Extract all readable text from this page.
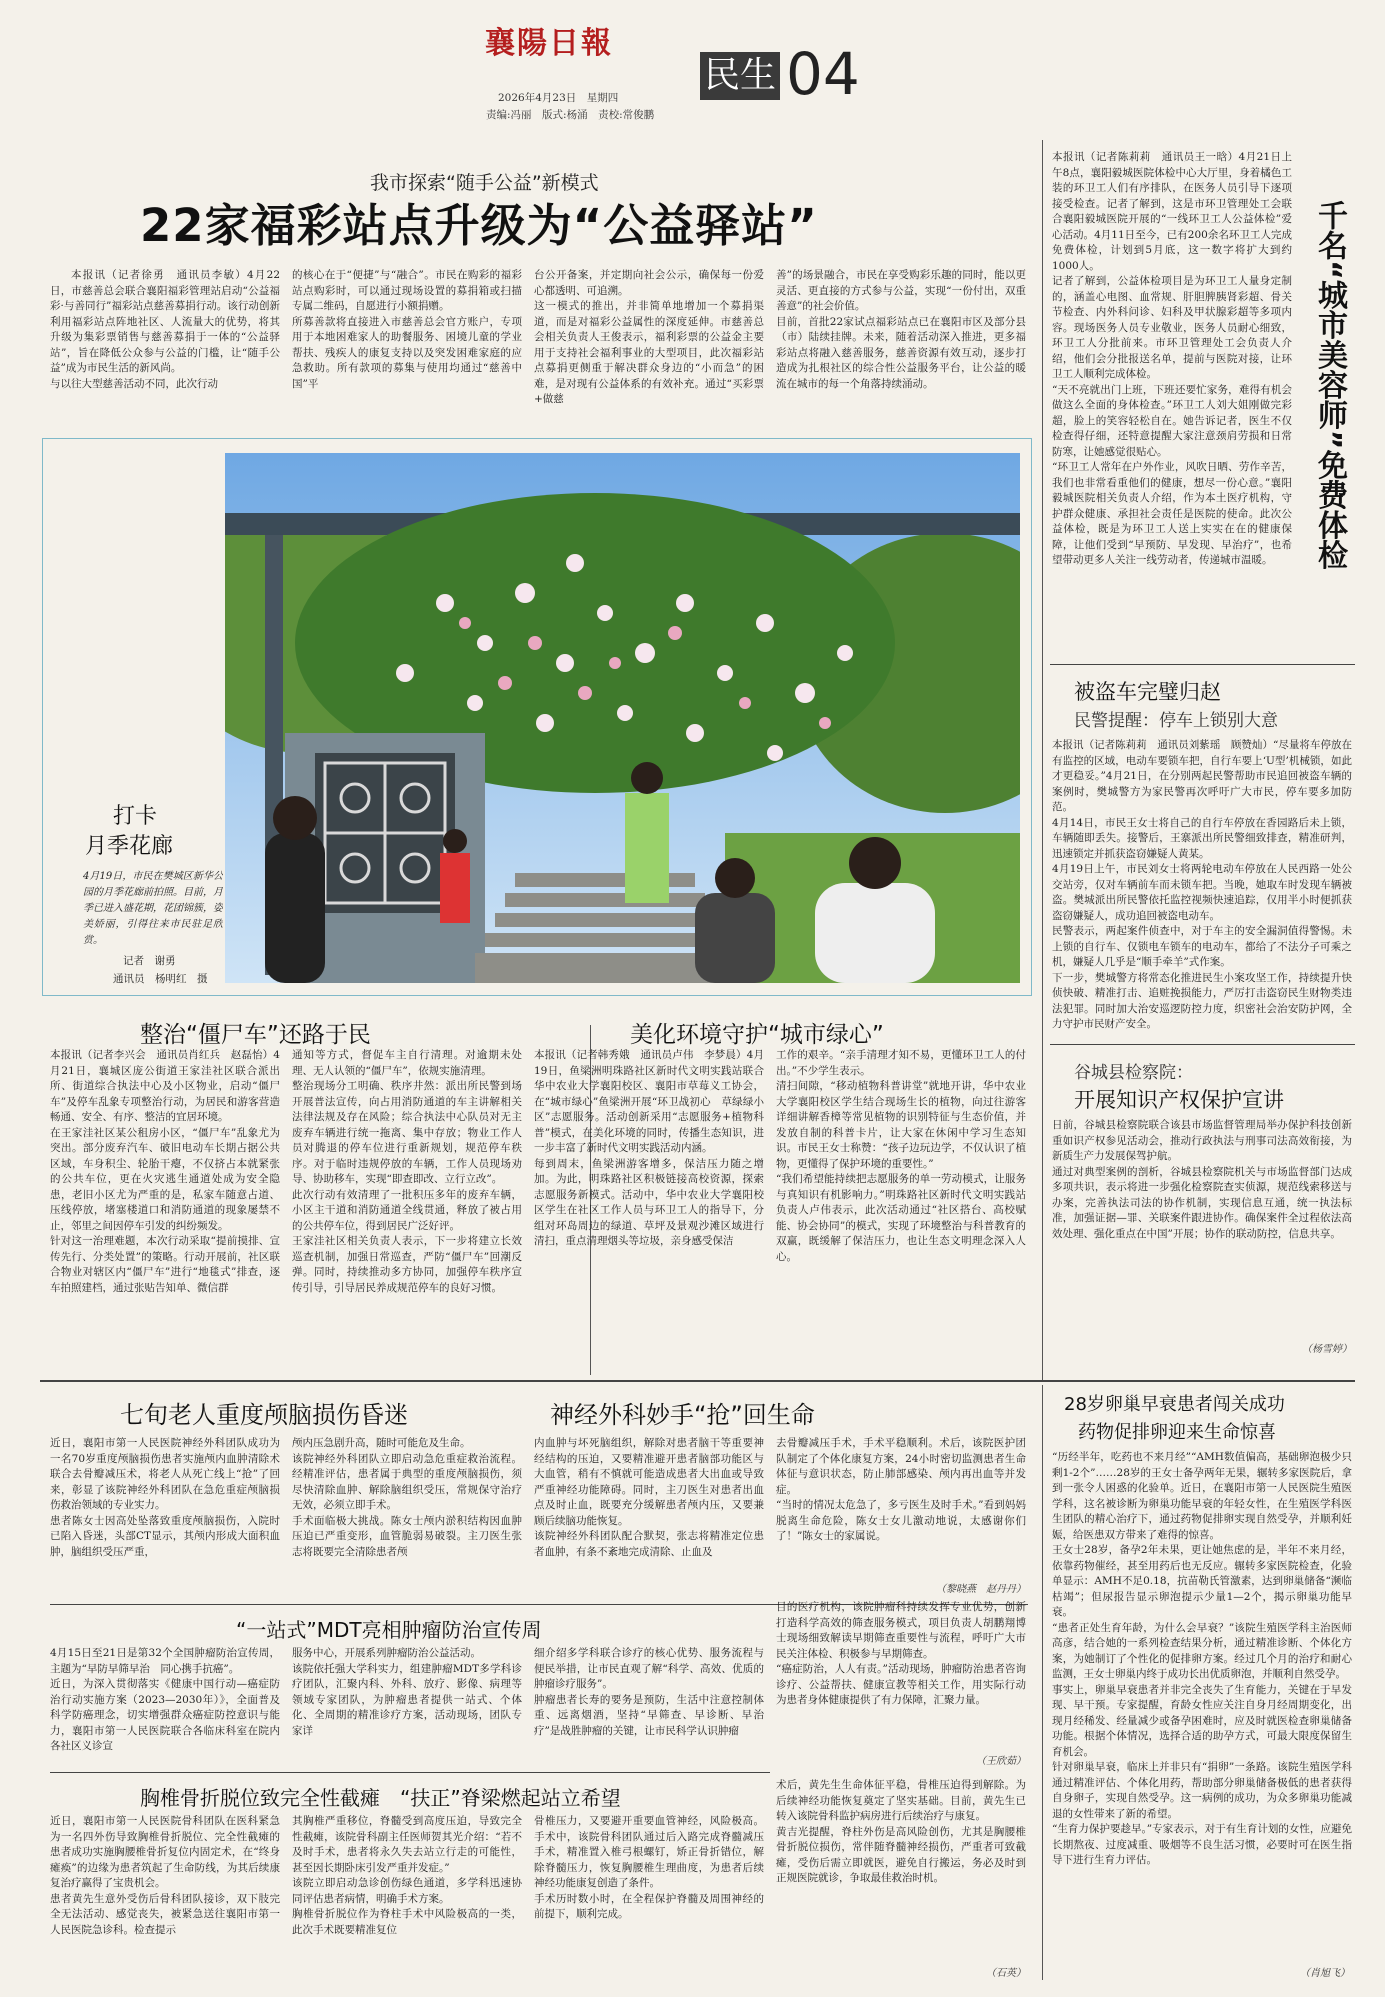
襄陽日報
民生 04
2026年4月23日　星期四
责编:冯丽　版式:杨涌　责校:常俊鹏
我市探索“随手公益”新模式
22家福彩站点升级为“公益驿站”
本报讯（记者徐勇　通讯员李敏）4月22日，市慈善总会联合襄阳福彩管理站启动“公益福彩·与善同行”福彩站点慈善募捐行动。该行动创新利用福彩站点阵地社区、人流量大的优势，将其升级为集彩票销售与慈善募捐于一体的“公益驿站”，旨在降低公众参与公益的门槛，让“随手公益”成为市民生活的新风尚。
与以往大型慈善活动不同，此次行动
的核心在于“便捷”与“融合”。市民在购彩的福彩站点购彩时，可以通过现场设置的募捐箱或扫描专属二维码，自愿进行小额捐赠。
所募善款将直接进入市慈善总会官方账户，专项用于本地困难家人的助餐服务、困境儿童的学业帮扶、残疾人的康复支持以及突发困难家庭的应急救助。所有款项的募集与使用均通过“慈善中国”平
台公开备案，并定期向社会公示，确保每一份爱心都透明、可追溯。
这一模式的推出，并非简单地增加一个募捐渠道，而是对福彩公益属性的深度延伸。市慈善总会相关负责人王俊表示，福利彩票的公益金主要用于支持社会福利事业的大型项目，此次福彩站点募捐更侧重于解决群众身边的“小而急”的困难，是对现有公益体系的有效补充。通过“买彩票+做慈
善”的场景融合，市民在享受购彩乐趣的同时，能以更灵活、更直接的方式参与公益，实现“一份付出，双重善意”的社会价值。
目前，首批22家试点福彩站点已在襄阳市区及部分县（市）陆续挂牌。未来，随着活动深入推进，更多福彩站点将融入慈善服务，慈善资源有效互动，逐步打造成为扎根社区的综合性公益服务平台，让公益的暖流在城市的每一个角落持续涌动。
打卡
月季花廊
4月19日，市民在樊城区新华公园的月季花廊前拍照。目前，月季已进入盛花期，花团锦簇，姿美娇丽，引得往来市民驻足欣赏。
记者　谢勇
通讯员　杨明红　摄
整治“僵尸车”还路于民
本报讯（记者李兴会　通讯员肖红兵　赵磊怡）4月21日，襄城区庞公街道王家洼社区联合派出所、街道综合执法中心及小区物业，启动“僵尸车”及停车乱象专项整治行动，为居民和游客营造畅通、安全、有序、整洁的宜居环境。
在王家洼社区某公租房小区，“僵尸车”乱象尤为突出。部分废弃汽车、破旧电动车长期占据公共区域，车身积尘、轮胎干瘪，不仅挤占本就紧张的公共车位，更在火灾逃生通道处成为安全隐患，老旧小区尤为严重的是，私家车随意占道、压线停放，堵塞楼道口和消防通道的现象屡禁不止，邻里之间因停车引发的纠纷频发。
针对这一治理难题，本次行动采取“提前摸排、宣传先行、分类处置”的策略。行动开展前，社区联合物业对辖区内“僵尸车”进行“地毯式”排查，逐车拍照建档，通过张贴告知单、微信群
通知等方式，督促车主自行清理。对逾期未处理、无人认领的“僵尸车”，依规实施清理。
整治现场分工明确、秩序井然：派出所民警到场开展普法宣传，向占用消防通道的车主讲解相关法律法规及存在风险；综合执法中心队员对无主废弃车辆进行统一拖离、集中存放；物业工作人员对腾退的停车位进行重新规划，规范停车秩序。对于临时违规停放的车辆，工作人员现场劝导、协助移车，实现“即查即改、立行立改”。
此次行动有效清理了一批积压多年的废弃车辆，小区主干道和消防通道全线贯通，释放了被占用的公共停车位，得到居民广泛好评。
王家洼社区相关负责人表示，下一步将建立长效巡查机制，加强日常巡查，严防“僵尸车”回潮反弹。同时，持续推动多方协同，加强停车秩序宣传引导，引导居民养成规范停车的良好习惯。
美化环境守护“城市绿心”
本报讯（记者韩秀娥　通讯员卢伟　李梦晨）4月19日，鱼梁洲明珠路社区新时代文明实践站联合华中农业大学襄阳校区、襄阳市草莓义工协会，在“城市绿心”鱼梁洲开展“环卫战初心　草绿绿小区”志愿服务。活动创新采用“志愿服务+植物科普”模式，在美化环境的同时，传播生态知识，进一步丰富了新时代文明实践活动内涵。
每到周末，鱼梁洲游客增多，保洁压力随之增加。为此，明珠路社区积极链接高校资源，探索志愿服务新模式。活动中，华中农业大学襄阳校区学生在社区工作人员与环卫工人的指导下，分组对环岛周边的绿道、草坪及景观沙滩区域进行清扫，重点清理烟头等垃圾，亲身感受保洁
工作的艰辛。“亲手清理才知不易，更懂环卫工人的付出。”不少学生表示。
清扫间隙，“移动植物科普讲堂”就地开讲，华中农业大学襄阳校区学生结合现场生长的植物，向过往游客详细讲解香樟等常见植物的识别特征与生态价值，并发放自制的科普卡片，让大家在休闲中学习生态知识。市民王女士称赞：“孩子边玩边学，不仅认识了植物，更懂得了保护环境的重要性。”
“我们希望能持续把志愿服务的单一劳动模式，让服务与真知识有机影响力。”明珠路社区新时代文明实践站负责人卢伟表示，此次活动通过“社区搭台、高校赋能、协会协同”的模式，实现了环境整治与科普教育的双赢，既缓解了保洁压力，也让生态文明理念深入人心。
本报讯（记者陈莉莉　通讯员王一晗）4月21日上午8点，襄阳毅城医院体检中心大厅里，身着橘色工装的环卫工人们有序排队，在医务人员引导下逐项接受检查。记者了解到，这是市环卫管理处工会联合襄阳毅城医院开展的“一线环卫工人公益体检”爱心活动。4月11日至今，已有200余名环卫工人完成免费体检，计划到5月底，这一数字将扩大到约1000人。
记者了解到，公益体检项目是为环卫工人量身定制的，涵盖心电图、血常规、肝胆脾胰肾彩超、骨关节检查、内外科问诊、妇科及甲状腺彩超等多项内容。现场医务人员专业敬业，医务人员耐心细致，环卫工人分批前来。市环卫管理处工会负责人介绍，他们会分批报送名单，提前与医院对接，让环卫工人顺利完成体检。
“天不亮就出门上班，下班还要忙家务，难得有机会做这么全面的身体检查。”环卫工人刘大姐刚做完彩超，脸上的笑容轻松自在。她告诉记者，医生不仅检查得仔细，还特意提醒大家注意颈肩劳损和日常防寒，让她感觉很贴心。
“环卫工人常年在户外作业，风吹日晒、劳作辛苦，我们也非常看重他们的健康，想尽一份心意。”襄阳毅城医院相关负责人介绍，作为本土医疗机构，守护群众健康、承担社会责任是医院的使命。此次公益体检，既是为环卫工人送上实实在在的健康保障，让他们受到“早预防、早发现、早治疗”，也希望带动更多人关注一线劳动者，传递城市温暖。	千名“城市美容师”免费体检
被盗车完璧归赵
民警提醒：停车上锁别大意
本报讯（记者陈莉莉　通讯员刘紫瑶　顾赞灿）“尽量将车停放在有监控的区域，电动车要锁车把，自行车要上‘U型’机械锁，如此才更稳妥。”4月21日，在分别两起民警帮助市民追回被盗车辆的案例时，樊城警方为家民警再次呼吁广大市民，停车要多加防范。
4月14日，市民王女士将自己的自行车停放在香园路后未上锁，车辆随即丢失。接警后，王寨派出所民警细致排查，精准研判，迅速锁定并抓获盗窃嫌疑人黄某。
4月19日上午，市民刘女士将两轮电动车停放在人民西路一处公交站旁，仅对车辆前车而未锁车把。当晚，她取车时发现车辆被盗。樊城派出所民警依托监控视频快速追踪，仅用半小时便抓获盗窃嫌疑人，成功追回被盗电动车。
民警表示，两起案件侦查中，对于车主的安全漏洞值得警惕。未上锁的自行车、仅锁电车锁车的电动车，都给了不法分子可乘之机，嫌疑人几乎是“顺手牵羊”式作案。
下一步，樊城警方将常态化推进民生小案攻坚工作，持续提升快侦快破、精准打击、追赃挽损能力，严厉打击盗窃民生财物类违法犯罪。同时加大治安巡逻防控力度，织密社会治安防护网，全力守护市民财产安全。
谷城县检察院：
开展知识产权保护宣讲
日前，谷城县检察院联合该县市场监督管理局举办保护科技创新重如识产权参见活动会，推动行政执法与刑事司法高效衔接，为新质生产力发展保驾护航。
通过对典型案例的剖析，谷城县检察院机关与市场监督部门达成多项共识，表示将进一步强化检察院查实侦源，规范线索移送与办案，完善执法司法的协作机制，实现信息互通，统一执法标准，加强证据—罪、关联案件跟进协作。确保案件全过程依法高效处理、强化重点在中国”开展；协作的联动防控，信息共享。
（杨雪婷）
七旬老人重度颅脑损伤昏迷	神经外科妙手“抢”回生命
近日，襄阳市第一人民医院神经外科团队成功为一名70岁重度颅脑损伤患者实施颅内血肿清除术联合去骨瓣减压术，将老人从死亡线上“抢”了回来，彰显了该院神经外科团队在急危重症颅脑损伤救治领域的专业实力。
患者陈女士因高处坠落致重度颅脑损伤，入院时已陷入昏迷，头部CT显示，其颅内形成大面积血肿，脑组织受压严重，
颅内压急剧升高，随时可能危及生命。
该院神经外科团队立即启动急危重症救治流程。经精准评估，患者属于典型的重度颅脑损伤，须尽快清除血肿、解除脑组织受压，常规保守治疗无效，必须立即手术。
手术面临极大挑战。陈女士颅内淤积结构因血肿压迫已严重变形，血管脆弱易破裂。主刀医生张志将既要完全清除患者颅
内血肿与坏死脑组织，解除对患者脑干等重要神经结构的压迫，又要精准避开患者脑部功能区与大血管，稍有不慎就可能造成患者大出血或导致严重神经功能障碍。同时，主刀医生对患者出血点及时止血，既要充分缓解患者颅内压，又要兼顾后续脑功能恢复。
该院神经外科团队配合默契，张志将精准定位患者血肿，有条不紊地完成清除、止血及
去骨瓣减压手术，手术平稳顺利。术后，该院医护团队制定了个体化康复方案，24小时密切监测患者生命体征与意识状态，防止肺部感染、颅内再出血等并发症。
“当时的情况太危急了，多亏医生及时手术。”看到妈妈脱离生命危险，陈女士女儿激动地说，太感谢你们了！”陈女士的家属说。
（黎晓燕　赵丹丹）
“一站式”MDT亮相肿瘤防治宣传周
4月15日至21日是第32个全国肿瘤防治宣传周，主题为“早防早筛早治　同心携手抗癌”。
近日，为深入贯彻落实《健康中国行动—癌症防治行动实施方案（2023—2030年）》，全面普及科学防癌理念，切实增强群众癌症防控意识与能力，襄阳市第一人民医院联合各临床科室在院内各社区义诊宣
服务中心，开展系列肿瘤防治公益活动。
该院依托强大学科实力，组建肿瘤MDT多学科诊疗团队，汇聚内科、外科、放疗、影像、病理等领域专家团队，为肿瘤患者提供一站式、个体化、全周期的精准诊疗方案，活动现场，团队专家详
细介绍多学科联合诊疗的核心优势、服务流程与便民举措，让市民直观了解“科学、高效、优质的肿瘤诊疗服务”。
肿瘤患者长寿的要务是预防，生活中注意控制体重、远离烟酒，坚持“早筛查、早诊断、早治疗”是战胜肿瘤的关键，让市民科学认识肿瘤
目的医疗机构，该院肿瘤科持续发挥专业优势，创新打造科学高效的筛查服务模式，项目负责人胡鹏翔博士现场细致解读早期筛查重要性与流程，呼吁广大市民关注体检、积极参与早期筛查。
“癌症防治，人人有责。”活动现场，肿瘤防治患者咨询诊疗、公益帮扶、健康宣教等相关工作，用实际行动为患者身体健康提供了有力保障，汇聚力量。
（王欣茹）
胸椎骨折脱位致完全性截瘫　“扶正”脊梁燃起站立希望
近日，襄阳市第一人民医院骨科团队在医科紧急为一名四外伤导致胸椎骨折脱位、完全性截瘫的患者成功实施胸腰椎骨折复位内固定术，在“终身瘫痪”的边缘为患者筑起了生命防线，为其后续康复治疗赢得了宝贵机会。
患者黄先生意外受伤后骨科团队接诊，双下肢完全无法活动、感觉丧失，被紧急送往襄阳市第一人民医院急诊科。检查提示
其胸椎严重移位，脊髓受到高度压迫，导致完全性截瘫，该院骨科副主任医师贺其光介绍：“若不及时手术，患者将永久失去站立行走的可能性，甚至因长期卧床引发严重并发症。”
该院立即启动急诊创伤绿色通道，多学科迅速协同评估患者病情，明确手术方案。
胸椎骨折脱位作为脊柱手术中风险极高的一类，此次手术既要精准复位
骨椎压力，又要避开重要血管神经，风险极高。手术中，该院骨科团队通过后入路完成脊髓减压手术，精准置入椎弓根螺钉，矫正骨折错位，解除脊髓压力，恢复胸腰椎生理曲度，为患者后续神经功能康复创造了条件。
手术历时数小时，在全程保护脊髓及周围神经的前提下，顺利完成。
术后，黄先生生命体征平稳，骨椎压迫得到解除。为后续神经功能恢复奠定了坚实基础。目前，黄先生已转入该院骨科监护病房进行后续治疗与康复。
黄吉光提醒，脊柱外伤是高风险创伤，尤其是胸腰椎骨折脱位损伤，常伴随脊髓神经损伤，严重者可致截瘫，受伤后需立即就医，避免自行搬运，务必及时到正规医院就诊，争取最佳救治时机。
（石英）
28岁卵巢早衰患者闯关成功
药物促排卵迎来生命惊喜
“历经半年，吃药也不来月经”“AMH数值偏高，基础卵泡极少只剩1-2个”……28岁的王女士备孕两年无果，辗转多家医院后，拿到一张令人困惑的化验单。近日，在襄阳市第一人民医院生殖医学科，这名被诊断为卵巢功能早衰的年轻女性，在生殖医学科医生团队的精心治疗下，通过药物促排卵实现自然受孕，并顺利妊娠，给医患双方带来了难得的惊喜。
王女士28岁，备孕2年未果，更让她焦虑的是，半年不来月经，依靠药物催经，甚至用药后也无反应。辗转多家医院检查，化验单显示：AMH不足0.18，抗苗勒氏管激素，达到卵巢储备“濒临枯竭”；但尿报告显示卵泡提示少量1—2个，揭示卵巢功能早衰。
“患者正处生育年龄，为什么会早衰？”该院生殖医学科主治医师高彦，结合她的一系列检查结果分析，通过精准诊断、个体化方案，为她制订了个性化的促排卵方案。经过几个月的治疗和耐心监测，王女士卵巢内终于成功长出优质卵泡，并顺利自然受孕。
事实上，卵巢早衰患者并非完全丧失了生育能力，关键在于早发现、早干预。专家提醒，育龄女性应关注自身月经周期变化，出现月经稀发、经量减少或备孕困难时，应及时就医检查卵巢储备功能。根据个体情况，选择合适的助孕方式，可最大限度保留生育机会。
针对卵巢早衰，临床上并非只有“捐卵”一条路。该院生殖医学科通过精准评估、个体化用药，帮助部分卵巢储备极低的患者获得自身卵子，实现自然受孕。这一病例的成功，为众多卵巢功能减退的女性带来了新的希望。
“生育力保护要趁早。”专家表示，对于有生育计划的女性，应避免长期熬夜、过度减重、吸烟等不良生活习惯，必要时可在医生指导下进行生育力评估。
（肖旭飞）
